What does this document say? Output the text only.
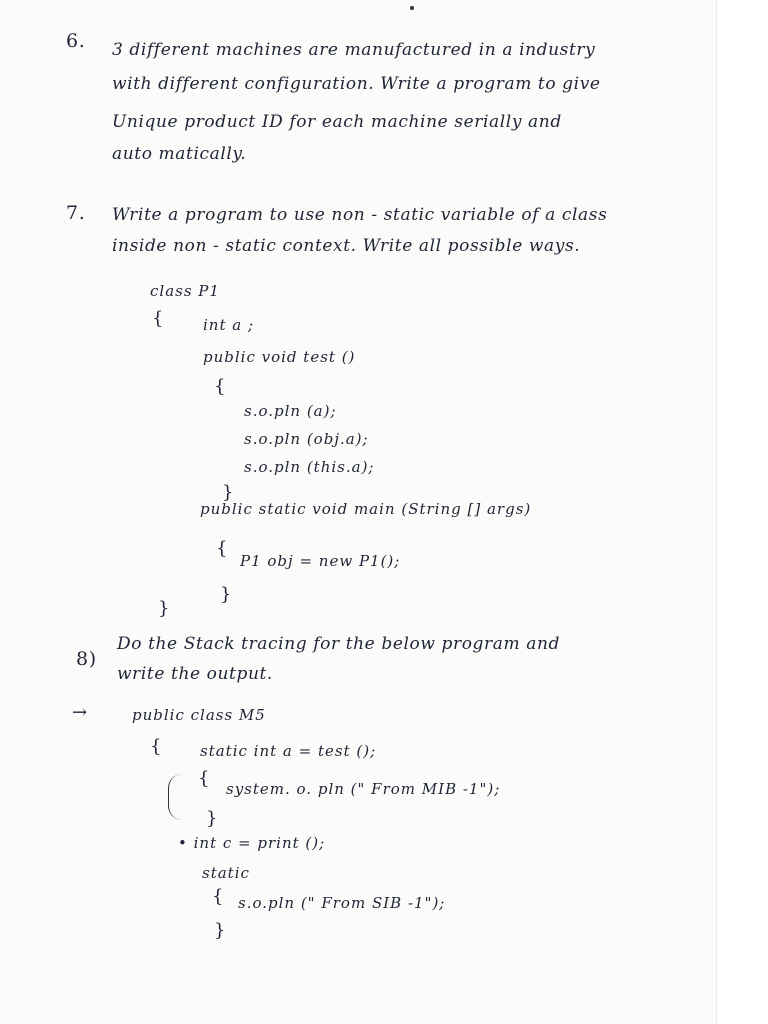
6. 3 different machines are manufactured in a industry

with different configuration. Write a program to give

Unique product ID for each machine serially and

auto matically.

7. Write a program to use non - static variable of a class

inside non - static context. Write all possible ways.

class P1

{	int a ;

public void test ()

{

s.o.pln (a);

s.o.pln (obj.a);

s.o.pln (this.a);

}

public static void main (String [] args)

{

P1 obj = new P1();

}

}

8)

Do the Stack tracing for the below program and

write the output.

→	public class M5

{	static int a = test ();

{ system. o. pln (" From MIB -1");

}

• int c = print ();

static

{ s.o.pln (" From SIB -1");

}
